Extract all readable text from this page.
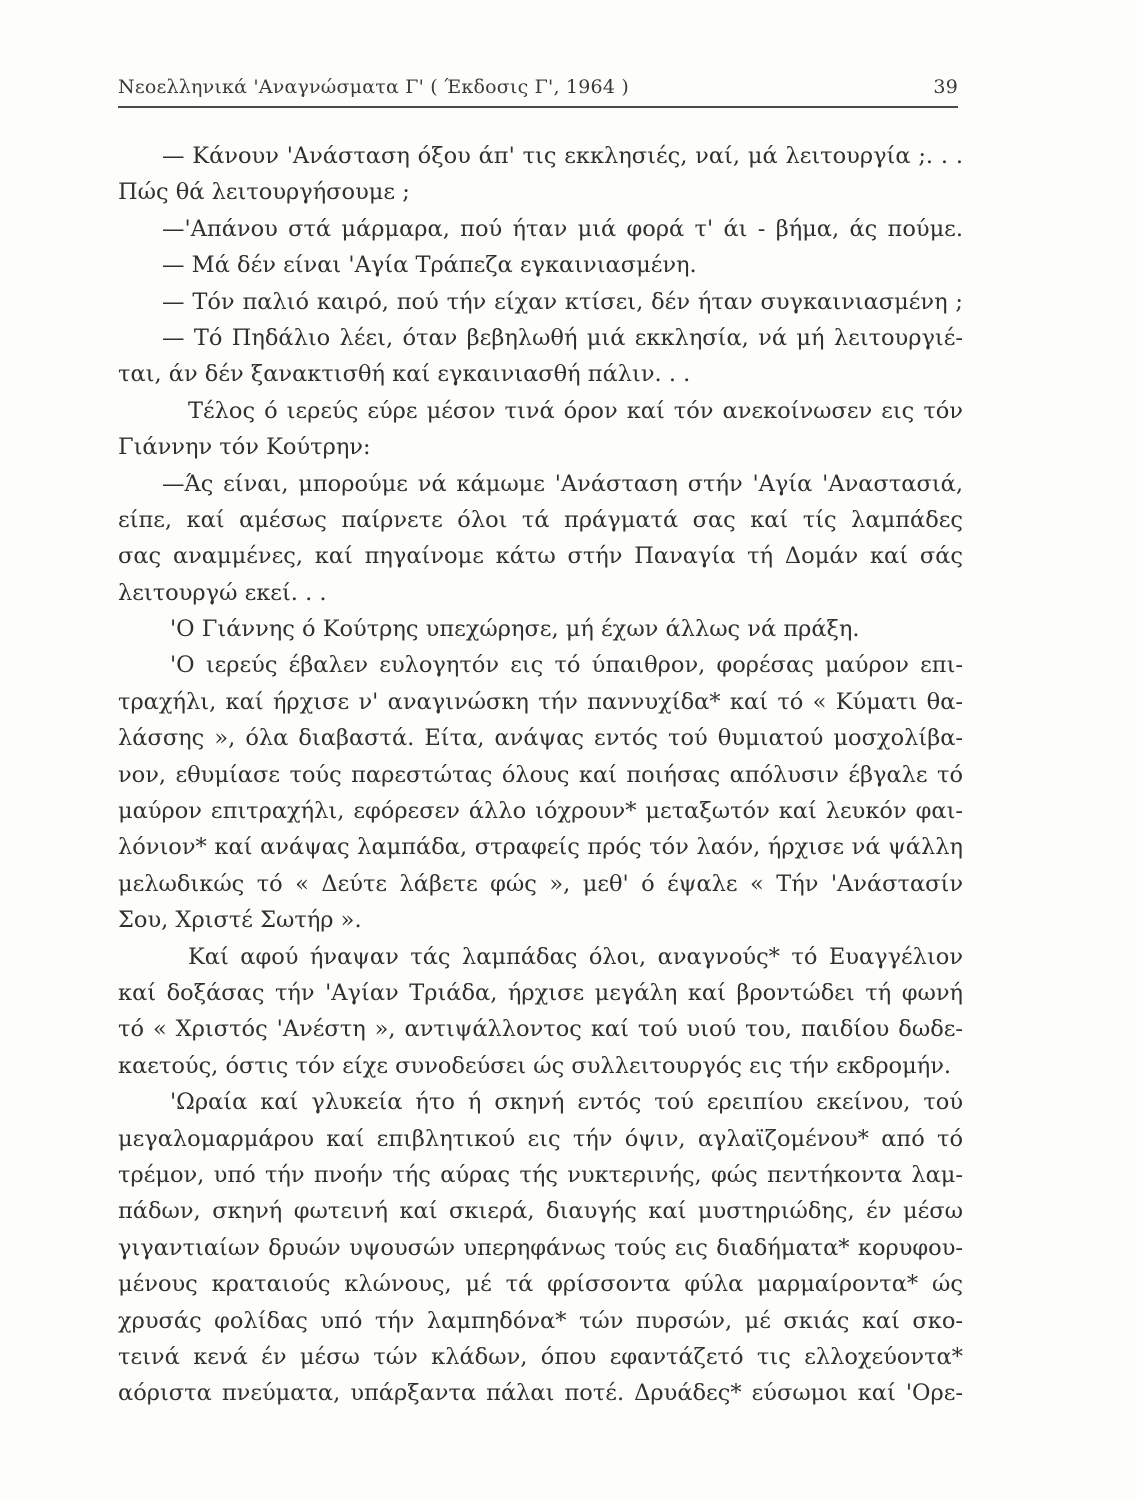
Νεοελληνικά 'Αναγνώσματα Γ' ( Έκδοσις Γ', 1964 )	39
— Κάνουν 'Ανάσταση όξου άπ' τις εκκλησιές, ναί, μά λειτουργία ;. . .
Πώς θά λειτουργήσουμε ;
—'Απάνου στά μάρμαρα, πού ήταν μιά φορά τ' άι - βήμα, άς πούμε.
— Μά δέν είναι 'Αγία Τράπεζα εγκαινιασμένη.
— Τόν παλιό καιρό, πού τήν είχαν κτίσει, δέν ήταν συγκαινιασμένη ;
— Τό Πηδάλιο λέει, όταν βεβηλωθή μιά εκκλησία, νά μή λειτουργιέ-
ται, άν δέν ξανακτισθή καί εγκαινιασθή πάλιν. . .
Τέλος ό ιερεύς εύρε μέσον τινά όρον καί τόν ανεκοίνωσεν εις τόν
Γιάννην τόν Κούτρην:
—Άς είναι, μπορούμε νά κάμωμε 'Ανάσταση στήν 'Αγία 'Αναστασιά,
είπε, καί αμέσως παίρνετε όλοι τά πράγματά σας καί τίς λαμπάδες
σας αναμμένες, καί πηγαίνομε κάτω στήν Παναγία τή Δομάν καί σάς
λειτουργώ εκεί. . .
'Ο Γιάννης ό Κούτρης υπεχώρησε, μή έχων άλλως νά πράξη.
'Ο ιερεύς έβαλεν ευλογητόν εις τό ύπαιθρον, φορέσας μαύρον επι-
τραχήλι, καί ήρχισε ν' αναγινώσκη τήν παννυχίδα* καί τό « Κύματι θα-
λάσσης », όλα διαβαστά. Είτα, ανάψας εντός τού θυμιατού μοσχολίβα-
νον, εθυμίασε τούς παρεστώτας όλους καί ποιήσας απόλυσιν έβγαλε τό
μαύρον επιτραχήλι, εφόρεσεν άλλο ιόχρουν* μεταξωτόν καί λευκόν φαι-
λόνιον* καί ανάψας λαμπάδα, στραφείς πρός τόν λαόν, ήρχισε νά ψάλλη
μελωδικώς τό « Δεύτε λάβετε φώς », μεθ' ό έψαλε « Τήν 'Ανάστασίν
Σου, Χριστέ Σωτήρ ».
Καί αφού ήναψαν τάς λαμπάδας όλοι, αναγνούς* τό Ευαγγέλιον
καί δοξάσας τήν 'Αγίαν Τριάδα, ήρχισε μεγάλη καί βροντώδει τή φωνή
τό « Χριστός 'Ανέστη », αντιψάλλοντος καί τού υιού του, παιδίου δωδε-
καετούς, όστις τόν είχε συνοδεύσει ώς συλλειτουργός εις τήν εκδρομήν.
'Ωραία καί γλυκεία ήτο ή σκηνή εντός τού ερειπίου εκείνου, τού
μεγαλομαρμάρου καί επιβλητικού εις τήν όψιν, αγλαϊζομένου* από τό
τρέμον, υπό τήν πνοήν τής αύρας τής νυκτερινής, φώς πεντήκοντα λαμ-
πάδων, σκηνή φωτεινή καί σκιερά, διαυγής καί μυστηριώδης, έν μέσω
γιγαντιαίων δρυών υψουσών υπερηφάνως τούς εις διαδήματα* κορυφου-
μένους κραταιούς κλώνους, μέ τά φρίσσοντα φύλα μαρμαίροντα* ώς
χρυσάς φολίδας υπό τήν λαμπηδόνα* τών πυρσών, μέ σκιάς καί σκο-
τεινά κενά έν μέσω τών κλάδων, όπου εφαντάζετό τις ελλοχεύοντα*
αόριστα πνεύματα, υπάρξαντα πάλαι ποτέ. Δρυάδες* εύσωμοι καί 'Ορε-
